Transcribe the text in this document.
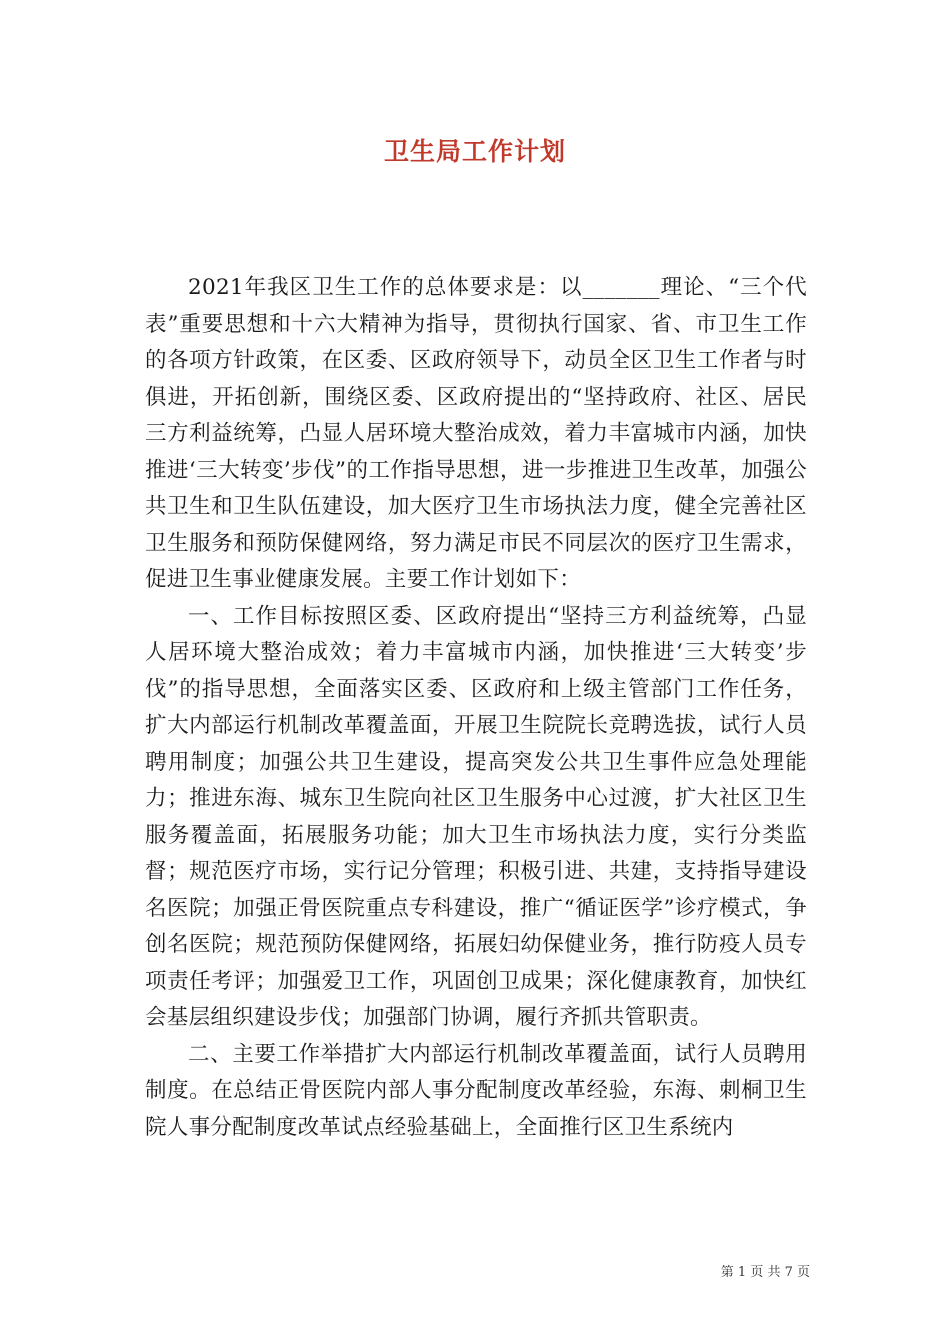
卫生局工作计划

2021年我区卫生工作的总体要求是：以_______理论、“三个代表”重要思想和十六大精神为指导，贯彻执行国家、省、市卫生工作的各项方针政策，在区委、区政府领导下，动员全区卫生工作者与时俱进，开拓创新，围绕区委、区政府提出的“坚持政府、社区、居民三方利益统筹，凸显人居环境大整治成效，着力丰富城市内涵，加快推进‘三大转变’步伐”的工作指导思想，进一步推进卫生改革，加强公共卫生和卫生队伍建设，加大医疗卫生市场执法力度，健全完善社区卫生服务和预防保健网络，努力满足市民不同层次的医疗卫生需求，促进卫生事业健康发展。主要工作计划如下：

一、工作目标按照区委、区政府提出“坚持三方利益统筹，凸显人居环境大整治成效；着力丰富城市内涵，加快推进‘三大转变’步伐”的指导思想，全面落实区委、区政府和上级主管部门工作任务，扩大内部运行机制改革覆盖面，开展卫生院院长竞聘选拔，试行人员聘用制度；加强公共卫生建设，提高突发公共卫生事件应急处理能力；推进东海、城东卫生院向社区卫生服务中心过渡，扩大社区卫生服务覆盖面，拓展服务功能；加大卫生市场执法力度，实行分类监督；规范医疗市场，实行记分管理；积极引进、共建，支持指导建设名医院；加强正骨医院重点专科建设，推广“循证医学”诊疗模式，争创名医院；规范预防保健网络，拓展妇幼保健业务，推行防疫人员专项责任考评；加强爱卫工作，巩固创卫成果；深化健康教育，加快红会基层组织建设步伐；加强部门协调，履行齐抓共管职责。

二、主要工作举措扩大内部运行机制改革覆盖面，试行人员聘用制度。在总结正骨医院内部人事分配制度改革经验，东海、刺桐卫生院人事分配制度改革试点经验基础上，全面推行区卫生系统内

第 1 页 共 7 页
